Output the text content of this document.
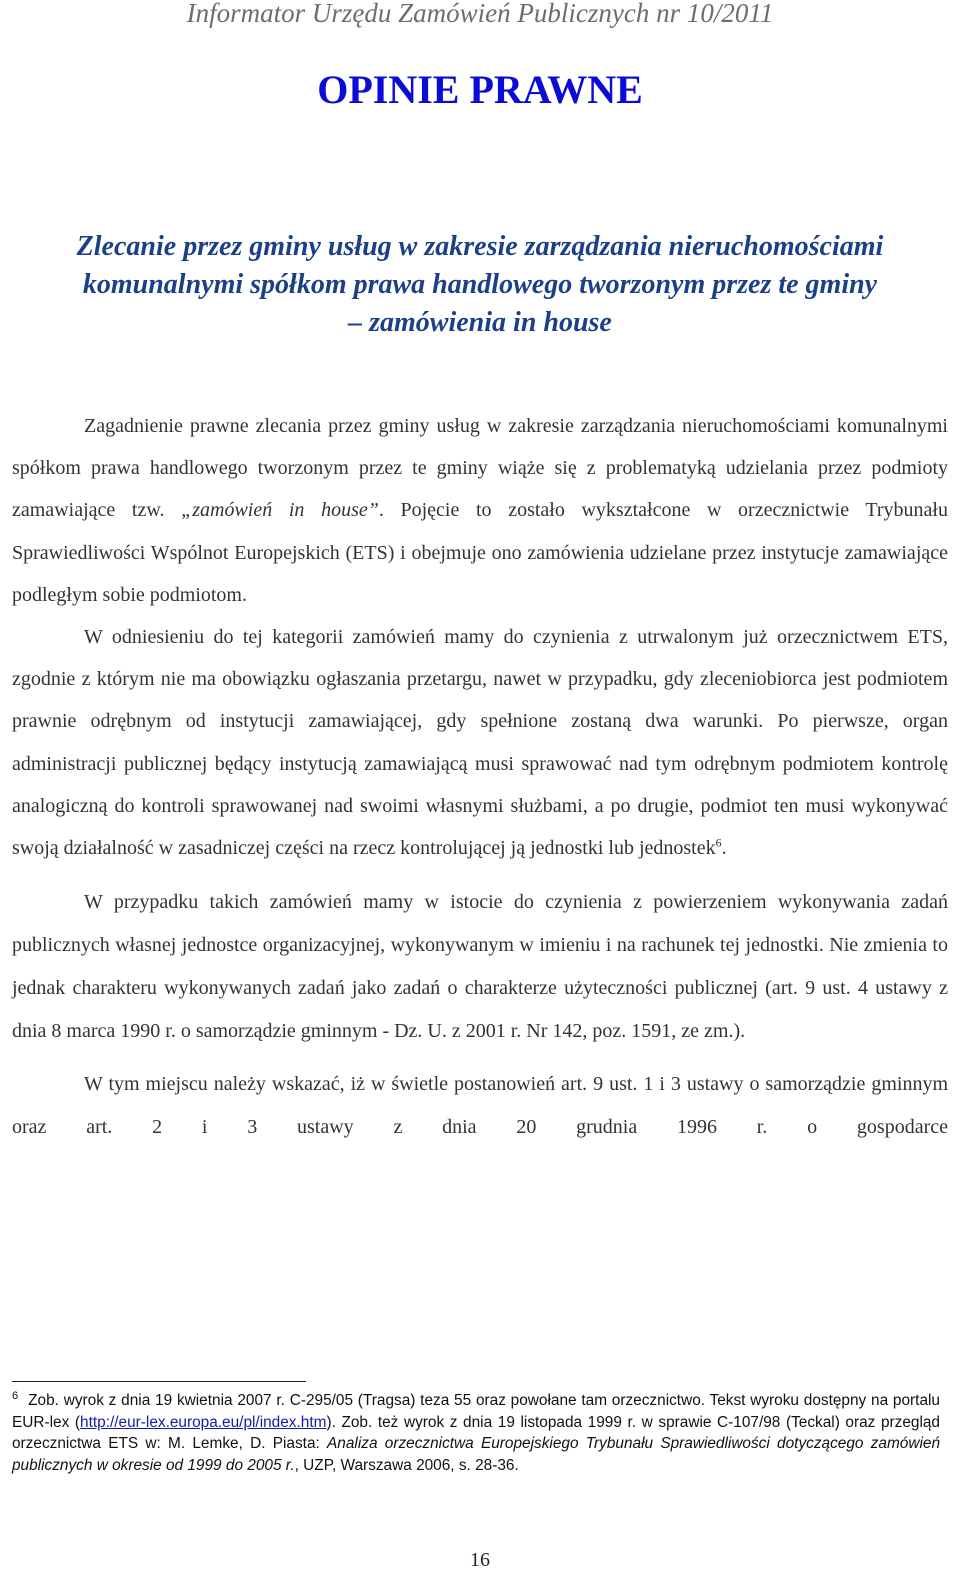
Informator Urzędu Zamówień Publicznych nr 10/2011
OPINIE PRAWNE
Zlecanie przez gminy usług w zakresie zarządzania nieruchomościami
komunalnymi spółkom prawa handlowego tworzonym przez te gminy
– zamówienia in house

Zagadnienie prawne zlecania przez gminy usług w zakresie zarządzania nieruchomościami komunalnymi spółkom prawa handlowego tworzonym przez te gminy wiąże się z problematyką udzielania przez podmioty zamawiające tzw. „zamówień in house”. Pojęcie to zostało wykształcone w orzecznictwie Trybunału Sprawiedliwości Wspólnot Europejskich (ETS) i obejmuje ono zamówienia udzielane przez instytucje zamawiające podległym sobie podmiotom.

W odniesieniu do tej kategorii zamówień mamy do czynienia z utrwalonym już orzecznictwem ETS, zgodnie z którym nie ma obowiązku ogłaszania przetargu, nawet w przypadku, gdy zleceniobiorca jest podmiotem prawnie odrębnym od instytucji zamawiającej, gdy spełnione zostaną dwa warunki. Po pierwsze, organ administracji publicznej będący instytucją zamawiającą musi sprawować nad tym odrębnym podmiotem kontrolę analogiczną do kontroli sprawowanej nad swoimi własnymi służbami, a po drugie, podmiot ten musi wykonywać swoją działalność w zasadniczej części na rzecz kontrolującej ją jednostki lub jednostek$^6$.

W przypadku takich zamówień mamy w istocie do czynienia z powierzeniem wykonywania zadań publicznych własnej jednostce organizacyjnej, wykonywanym w imieniu i na rachunek tej jednostki. Nie zmienia to jednak charakteru wykonywanych zadań jako zadań o charakterze użyteczności publicznej (art. 9 ust. 4 ustawy z dnia 8 marca 1990 r. o samorządzie gminnym - Dz. U. z 2001 r. Nr 142, poz. 1591, ze zm.).

W tym miejscu należy wskazać, iż w świetle postanowień art. 9 ust. 1 i 3 ustawy o samorządzie gminnym oraz art. 2 i 3 ustawy z dnia 20 grudnia 1996 r. o gospodarce

$^6$ Zob. wyrok z dnia 19 kwietnia 2007 r. C-295/05 (Tragsa) teza 55 oraz powołane tam orzecznictwo. Tekst wyroku dostępny na portalu EUR-lex (http://eur-lex.europa.eu/pl/index.htm). Zob. też wyrok z dnia 19 listopada 1999 r. w sprawie C-107/98 (Teckal) oraz przegląd orzecznictwa ETS w: M. Lemke, D. Piasta: Analiza orzecznictwa Europejskiego Trybunału Sprawiedliwości dotyczącego zamówień publicznych w okresie od 1999 do 2005 r., UZP, Warszawa 2006, s. 28-36.
16
